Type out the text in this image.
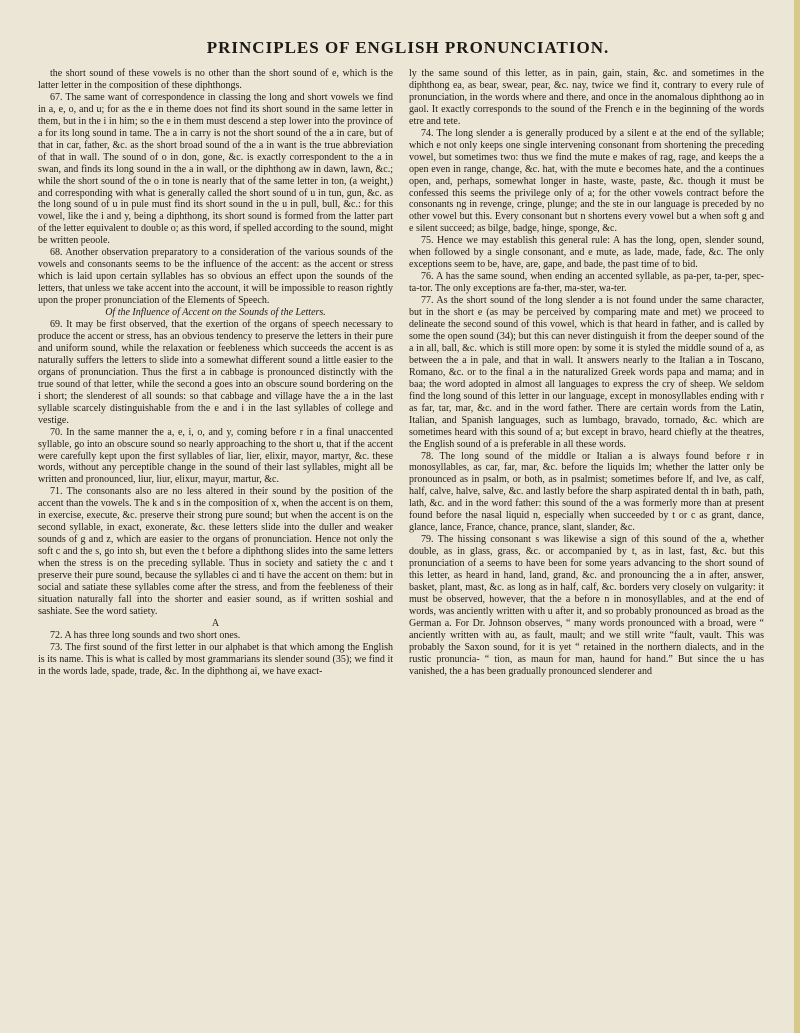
PRINCIPLES OF ENGLISH PRONUNCIATION.

the short sound of these vowels is no other than the short sound of e, which is the latter letter in the composition of these diphthongs.

67. The same want of correspondence in classing the long and short vowels we find in a, e, o, and u; for as the e in theme does not find its short sound in the same letter in them, but in the i in him; so the e in them must descend a step lower into the province of a for its long sound in tame. The a in carry is not the short sound of the a in care, but of that in car, father, &c. as the short broad sound of the a in want is the true abbreviation of that in wall. The sound of o in don, gone, &c. is exactly correspondent to the a in swan, and finds its long sound in the a in wall, or the diphthong aw in dawn, lawn, &c.; while the short sound of the o in tone is nearly that of the same letter in ton, (a weight,) and corresponding with what is generally called the short sound of u in tun, gun, &c. as the long sound of u in pule must find its short sound in the u in pull, bull, &c.: for this vowel, like the i and y, being a diphthong, its short sound is formed from the latter part of the letter equivalent to double o; as this word, if spelled according to the sound, might be written peoole.

68. Another observation preparatory to a consideration of the various sounds of the vowels and consonants seems to be the influence of the accent: as the accent or stress which is laid upon certain syllables has so obvious an effect upon the sounds of the letters, that unless we take accent into the account, it will be impossible to reason rightly upon the proper pronunciation of the Elements of Speech.

Of the Influence of Accent on the Sounds of the Letters.

69. It may be first observed, that the exertion of the organs of speech necessary to produce the accent or stress, has an obvious tendency to preserve the letters in their pure and uniform sound, while the relaxation or feebleness which succeeds the accent is as naturally suffers the letters to slide into a somewhat different sound a little easier to the organs of pronunciation. Thus the first a in cabbage is pronounced distinctly with the true sound of that letter, while the second a goes into an obscure sound bordering on the i short; the slenderest of all sounds: so that cabbage and village have the a in the last syllable scarcely distinguishable from the e and i in the last syllables of college and vestige.

70. In the same manner the a, e, i, o, and y, coming before r in a final unaccented syllable, go into an obscure sound so nearly approaching to the short u, that if the accent were carefully kept upon the first syllables of liar, lier, elixir, mayor, martyr, &c. these words, without any perceptible change in the sound of their last syllables, might all be written and pronounced, liur, liur, elixur, mayur, martur, &c.

71. The consonants also are no less altered in their sound by the position of the accent than the vowels. The k and s in the composition of x, when the accent is on them, in exercise, execute, &c. preserve their strong pure sound; but when the accent is on the second syllable, in exact, exonerate, &c. these letters slide into the duller and weaker sounds of g and z, which are easier to the organs of pronunciation. Hence not only the soft c and the s, go into sh, but even the t before a diphthong slides into the same letters when the stress is on the preceding syllable. Thus in society and satiety the c and t preserve their pure sound, because the syllables ci and ti have the accent on them: but in social and satiate these syllables come after the stress, and from the feebleness of their situation naturally fall into the shorter and easier sound, as if written soshial and sashiate. See the word satiety.

A

72. A has three long sounds and two short ones.

73. The first sound of the first letter in our alphabet is that which among the English is its name. This is what is called by most grammarians its slender sound (35); we find it in the words lade, spade, trade, &c. In the diphthong ai, we have exact-

ly the same sound of this letter, as in pain, gain, stain, &c. and sometimes in the diphthong ea, as bear, swear, pear, &c. nay, twice we find it, contrary to every rule of pronunciation, in the words where and there, and once in the anomalous diphthong ao in gaol. It exactly corresponds to the sound of the French e in the beginning of the words etre and tete.

74. The long slender a is generally produced by a silent e at the end of the syllable; which e not only keeps one single intervening consonant from shortening the preceding vowel, but sometimes two: thus we find the mute e makes of rag, rage, and keeps the a open even in range, change, &c. hat, with the mute e becomes hate, and the a continues open, and, perhaps, somewhat longer in haste, waste, paste, &c. though it must be confessed this seems the privilege only of a; for the other vowels contract before the consonants ng in revenge, cringe, plunge; and the ste in our language is preceded by no other vowel but this. Every consonant but n shortens every vowel but a when soft g and e silent succeed; as bilge, badge, hinge, sponge, &c.

75. Hence we may establish this general rule: A has the long, open, slender sound, when followed by a single consonant, and e mute, as lade, made, fade, &c. The only exceptions seem to be, have, are, gape, and bade, the past time of to bid.

76. A has the same sound, when ending an accented syllable, as pa-per, ta-per, spec-ta-tor. The only exceptions are fa-ther, ma-ster, wa-ter.

77. As the short sound of the long slender a is not found under the same character, but in the short e (as may be perceived by comparing mate and met) we proceed to delineate the second sound of this vowel, which is that heard in father, and is called by some the open sound (34); but this can never distinguish it from the deeper sound of the a in all, ball, &c. which is still more open: by some it is styled the middle sound of a, as between the a in pale, and that in wall. It answers nearly to the Italian a in Toscano, Romano, &c. or to the final a in the naturalized Greek words papa and mama; and in baa; the word adopted in almost all languages to express the cry of sheep. We seldom find the long sound of this letter in our language, except in monosyllables ending with r as far, tar, mar, &c. and in the word father. There are certain words from the Latin, Italian, and Spanish languages, such as lumbago, bravado, tornado, &c. which are sometimes heard with this sound of a; but except in bravo, heard chiefly at the theatres, the English sound of a is preferable in all these words.

78. The long sound of the middle or Italian a is always found before r in monosyllables, as car, far, mar, &c. before the liquids lm; whether the latter only be pronounced as in psalm, or both, as in psalmist; sometimes before lf, and lve, as calf, half, calve, halve, salve, &c. and lastly before the sharp aspirated dental th in bath, path, lath, &c. and in the word father: this sound of the a was formerly more than at present found before the nasal liquid n, especially when succeeded by t or c as grant, dance, glance, lance, France, chance, prance, slant, slander, &c.

79. The hissing consonant s was likewise a sign of this sound of the a, whether double, as in glass, grass, &c. or accompanied by t, as in last, fast, &c. but this pronunciation of a seems to have been for some years advancing to the short sound of this letter, as heard in hand, land, grand, &c. and pronouncing the a in after, answer, basket, plant, mast, &c. as long as in half, calf, &c. borders very closely on vulgarity: it must be observed, however, that the a before n in monosyllables, and at the end of words, was anciently written with u after it, and so probably pronounced as broad as the German a. For Dr. Johnson observes, “ many words pronounced with a broad, were “ anciently written with au, as fault, mault; and we still write “fault, vault. This was probably the Saxon sound, for it is yet “ retained in the northern dialects, and in the rustic pronuncia- “ tion, as maun for man, haund for hand.” But since the u has vanished, the a has been gradually pronounced slenderer and
